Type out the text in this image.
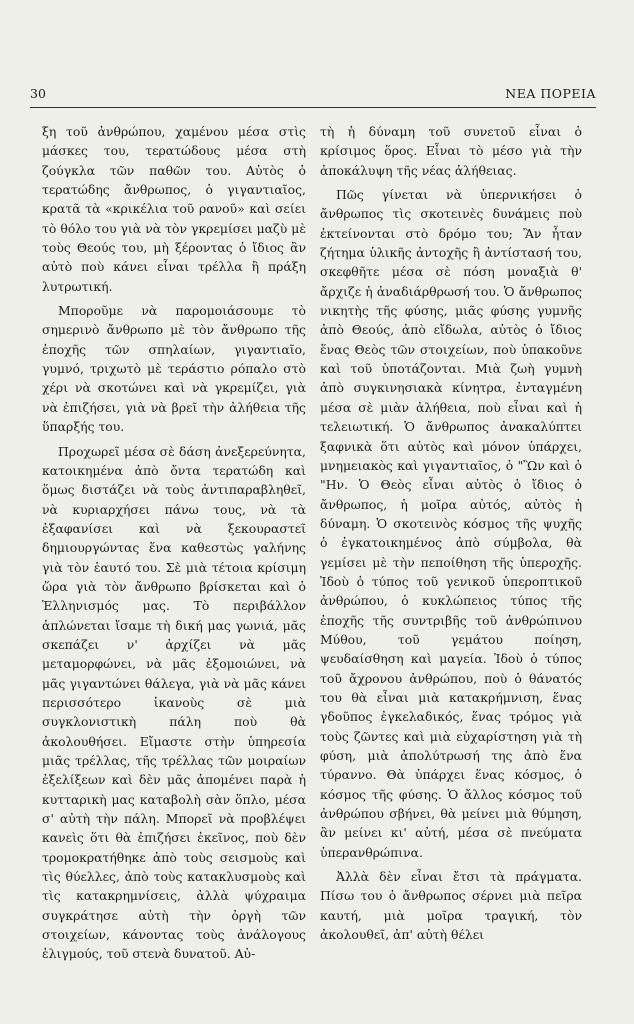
30	ΝΕΑ ΠΟΡΕΙΑ

ξη τοῦ ἀνθρώπου, χαμένου μέσα στὶς μάσκες του, τερατώδους μέσα στὴ ζούγκλα τῶν παθῶν του. Αὐτὸς ὁ τερατώδης ἄνθρωπος, ὁ γιγαντιαῖος, κρατᾶ τὰ «κρικέλια τοῦ ρανοῦ» καὶ σείει τὸ θόλο του γιὰ νὰ τὸν γκρεμίσει μαζὺ μὲ τοὺς Θεούς του, μὴ ξέροντας ὁ ἴδιος ἂν αὐτὸ ποὺ κάνει εἶναι τρέλλα ἢ πράξη λυτρωτική.

Μποροῦμε νὰ παρομοιάσουμε τὸ σημερινὸ ἄνθρωπο μὲ τὸν ἄνθρωπο τῆς ἐποχῆς τῶν σπηλαίων, γιγαντιαῖο, γυμνό, τριχωτὸ μὲ τεράστιο ρόπαλο στὸ χέρι νὰ σκοτώνει καὶ νὰ γκρεμίζει, γιὰ νὰ ἐπιζήσει, γιὰ νὰ βρεῖ τὴν ἀλήθεια τῆς ὕπαρξής του.

Προχωρεῖ μέσα σὲ δάση ἀνεξερεύνητα, κατοικημένα ἀπὸ ὄντα τερατώδη καὶ ὅμως διστάζει νὰ τοὺς ἀντιπαραβληθεῖ, νὰ κυριαρχήσει πάνω τους, νὰ τὰ ἐξαφανίσει καὶ νὰ ξεκουραστεῖ δημιουργώντας ἕνα καθεστὼς γαλήνης γιὰ τὸν ἑαυτό του. Σὲ μιὰ τέτοια κρίσιμη ὥρα γιὰ τὸν ἄνθρωπο βρίσκεται καὶ ὁ Ἑλληνισμός μας. Τὸ περιβάλλον ἁπλώνεται ἴσαμε τὴ δική μας γωνιά, μᾶς σκεπάζει ν' ἀρχίζει νὰ μᾶς μεταμορφώνει, νὰ μᾶς ἐξομοιώνει, νὰ μᾶς γιγαντώνει θάλεγα, γιὰ νὰ μᾶς κάνει περισσότερο ἱκανοὺς σὲ μιὰ συγκλονιστικὴ πάλη ποὺ θὰ ἀκολουθήσει. Εἴμαστε στὴν ὑπηρεσία μιᾶς τρέλλας, τῆς τρέλλας τῶν μοιραίων ἐξελίξεων καὶ δὲν μᾶς ἀπομένει παρὰ ἡ κυτταρικὴ μας καταβολὴ σὰν ὅπλο, μέσα σ' αὐτὴ τὴν πάλη. Μπορεῖ νὰ προβλέψει κανεὶς ὅτι θὰ ἐπιζήσει ἐκεῖνος, ποὺ δὲν τρομοκρατήθηκε ἀπὸ τοὺς σεισμοὺς καὶ τὶς θύελλες, ἀπὸ τοὺς κατακλυσμοὺς καὶ τὶς κατακρημνίσεις, ἀλλὰ ψύχραιμα συγκράτησε αὐτὴ τὴν ὀργὴ τῶν στοιχείων, κάνοντας τοὺς ἀνάλογους ἑλιγμούς, τοῦ στενὰ δυνατοῦ. Αὐ-

τὴ ἡ δύναμη τοῦ συνετοῦ εἶναι ὁ κρίσιμος ὅρος. Εἶναι τὸ μέσο γιὰ τὴν ἀποκάλυψη τῆς νέας ἀλήθειας.

Πῶς γίνεται νὰ ὑπερνικήσει ὁ ἄνθρωπος τὶς σκοτεινὲς δυνάμεις ποὺ ἐκτείνονται στὸ δρόμο του; Ἂν ἦταν ζήτημα ὑλικῆς ἀντοχῆς ἢ ἀντίστασή του, σκεφθῆτε μέσα σὲ πόση μοναξιὰ θ' ἄρχιζε ἡ ἀναδιάρθρωσή του. Ὁ ἄνθρωπος νικητὴς τῆς φύσης, μιᾶς φύσης γυμνῆς ἀπὸ Θεούς, ἀπὸ εἴδωλα, αὐτὸς ὁ ἴδιος ἕνας Θεὸς τῶν στοιχείων, ποὺ ὑπακοῦνε καὶ τοῦ ὑποτάζονται. Μιὰ ζωὴ γυμνὴ ἀπὸ συγκινησιακὰ κίνητρα, ἐνταγμένη μέσα σὲ μιὰν ἀλήθεια, ποὺ εἶναι καὶ ἡ τελειωτική. Ὁ ἄνθρωπος ἀνακαλύπτει ξαφνικὰ ὅτι αὐτὸς καὶ μόνον ὑπάρχει, μνημειακὸς καὶ γιγαντιαῖος, ὁ "Ὢν καὶ ὁ "Ην. Ὁ Θεὸς εἶναι αὐτὸς ὁ ἴδιος ὁ ἄνθρωπος, ἡ μοῖρα αὐτός, αὐτὸς ἡ δύναμη. Ὁ σκοτεινὸς κόσμος τῆς ψυχῆς ὁ ἐγκατοικημένος ἀπὸ σύμβολα, θὰ γεμίσει μὲ τὴν πεποίθηση τῆς ὑπεροχῆς. Ἰδοὺ ὁ τύπος τοῦ γενικοῦ ὑπεροπτικοῦ ἀνθρώπου, ὁ κυκλώπειος τύπος τῆς ἐποχῆς τῆς συντριβῆς τοῦ ἀνθρώπινου Μύθου, τοῦ γεμάτου ποίηση, ψευδαίσθηση καὶ μαγεία. Ἰδοὺ ὁ τύπος τοῦ ἄχρονου ἀνθρώπου, ποὺ ὁ θάνατός του θὰ εἶναι μιὰ κατακρήμνιση, ἕνας γδοῦπος ἐγκελαδικός, ἕνας τρόμος γιὰ τοὺς ζῶντες καὶ μιὰ εὐχαρίστηση γιὰ τὴ φύση, μιὰ ἀπολύτρωσή της ἀπὸ ἕνα τύραννο. Θὰ ὑπάρχει ἕνας κόσμος, ὁ κόσμος τῆς φύσης. Ὁ ἄλλος κόσμος τοῦ ἀνθρώπου σβήνει, θὰ μείνει μιὰ θύμηση, ἂν μείνει κι' αὐτή, μέσα σὲ πνεύματα ὑπερανθρώπινα.

Ἀλλὰ δὲν εἶναι ἔτσι τὰ πράγματα. Πίσω του ὁ ἄνθρωπος σέρνει μιὰ πεῖρα καυτή, μιὰ μοῖρα τραγική, τὸν ἀκολουθεῖ, ἀπ' αὐτὴ θέλει
